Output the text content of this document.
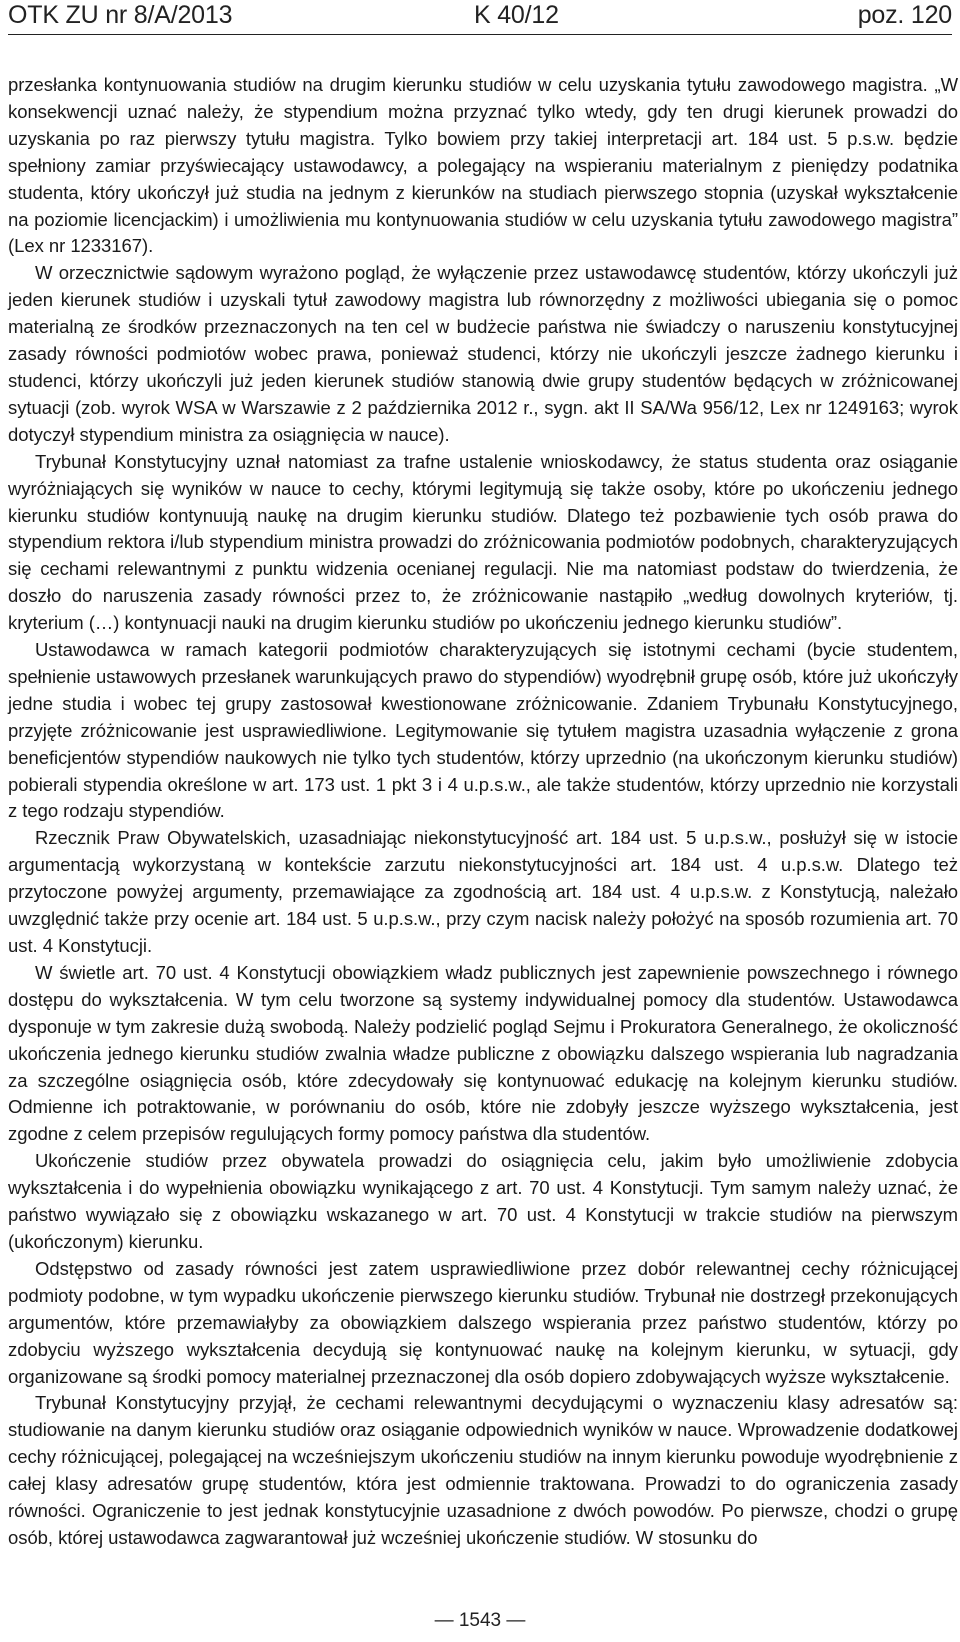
OTK ZU nr 8/A/2013	K 40/12	poz. 120

przesłanka kontynuowania studiów na drugim kierunku studiów w celu uzyskania tytułu zawodowego magistra. „W konsekwencji uznać należy, że stypendium można przyznać tylko wtedy, gdy ten drugi kierunek prowadzi do uzyskania po raz pierwszy tytułu magistra. Tylko bowiem przy takiej interpretacji art. 184 ust. 5 p.s.w. będzie spełniony zamiar przyświecający ustawodawcy, a polegający na wspieraniu materialnym z pieniędzy podatnika studenta, który ukończył już studia na jednym z kierunków na studiach pierwszego stopnia (uzyskał wykształcenie na poziomie licencjackim) i umożliwienia mu kontynuowania studiów w celu uzyskania tytułu zawodowego magistra” (Lex nr 1233167).

W orzecznictwie sądowym wyrażono pogląd, że wyłączenie przez ustawodawcę studentów, którzy ukończyli już jeden kierunek studiów i uzyskali tytuł zawodowy magistra lub równorzędny z możliwości ubiegania się o pomoc materialną ze środków przeznaczonych na ten cel w budżecie państwa nie świadczy o naruszeniu konstytucyjnej zasady równości podmiotów wobec prawa, ponieważ studenci, którzy nie ukończyli jeszcze żadnego kierunku i studenci, którzy ukończyli już jeden kierunek studiów stanowią dwie grupy studentów będących w zróżnicowanej sytuacji (zob. wyrok WSA w Warszawie z 2 października 2012 r., sygn. akt II SA/Wa 956/12, Lex nr 1249163; wyrok dotyczył stypendium ministra za osiągnięcia w nauce).

Trybunał Konstytucyjny uznał natomiast za trafne ustalenie wnioskodawcy, że status studenta oraz osiąganie wyróżniających się wyników w nauce to cechy, którymi legitymują się także osoby, które po ukończeniu jednego kierunku studiów kontynuują naukę na drugim kierunku studiów. Dlatego też pozbawienie tych osób prawa do stypendium rektora i/lub stypendium ministra prowadzi do zróżnicowania podmiotów podobnych, charakteryzujących się cechami relewantnymi z punktu widzenia ocenianej regulacji. Nie ma natomiast podstaw do twierdzenia, że doszło do naruszenia zasady równości przez to, że zróżnicowanie nastąpiło „według dowolnych kryteriów, tj. kryterium (…) kontynuacji nauki na drugim kierunku studiów po ukończeniu jednego kierunku studiów”.

Ustawodawca w ramach kategorii podmiotów charakteryzujących się istotnymi cechami (bycie studentem, spełnienie ustawowych przesłanek warunkujących prawo do stypendiów) wyodrębnił grupę osób, które już ukończyły jedne studia i wobec tej grupy zastosował kwestionowane zróżnicowanie. Zdaniem Trybunału Konstytucyjnego, przyjęte zróżnicowanie jest usprawiedliwione. Legitymowanie się tytułem magistra uzasadnia wyłączenie z grona beneficjentów stypendiów naukowych nie tylko tych studentów, którzy uprzednio (na ukończonym kierunku studiów) pobierali stypendia określone w art. 173 ust. 1 pkt 3 i 4 u.p.s.w., ale także studentów, którzy uprzednio nie korzystali z tego rodzaju stypendiów.

Rzecznik Praw Obywatelskich, uzasadniając niekonstytucyjność art. 184 ust. 5 u.p.s.w., posłużył się w istocie argumentacją wykorzystaną w kontekście zarzutu niekonstytucyjności art. 184 ust. 4 u.p.s.w. Dlatego też przytoczone powyżej argumenty, przemawiające za zgodnością art. 184 ust. 4 u.p.s.w. z Konstytucją, należało uwzględnić także przy ocenie art. 184 ust. 5 u.p.s.w., przy czym nacisk należy położyć na sposób rozumienia art. 70 ust. 4 Konstytucji.

W świetle art. 70 ust. 4 Konstytucji obowiązkiem władz publicznych jest zapewnienie powszechnego i równego dostępu do wykształcenia. W tym celu tworzone są systemy indywidualnej pomocy dla studentów. Ustawodawca dysponuje w tym zakresie dużą swobodą. Należy podzielić pogląd Sejmu i Prokuratora Generalnego, że okoliczność ukończenia jednego kierunku studiów zwalnia władze publiczne z obowiązku dalszego wspierania lub nagradzania za szczególne osiągnięcia osób, które zdecydowały się kontynuować edukację na kolejnym kierunku studiów. Odmienne ich potraktowanie, w porównaniu do osób, które nie zdobyły jeszcze wyższego wykształcenia, jest zgodne z celem przepisów regulujących formy pomocy państwa dla studentów.

Ukończenie studiów przez obywatela prowadzi do osiągnięcia celu, jakim było umożliwienie zdobycia wykształcenia i do wypełnienia obowiązku wynikającego z art. 70 ust. 4 Konstytucji. Tym samym należy uznać, że państwo wywiązało się z obowiązku wskazanego w art. 70 ust. 4 Konstytucji w trakcie studiów na pierwszym (ukończonym) kierunku.

Odstępstwo od zasady równości jest zatem usprawiedliwione przez dobór relewantnej cechy różnicującej podmioty podobne, w tym wypadku ukończenie pierwszego kierunku studiów. Trybunał nie dostrzegł przekonujących argumentów, które przemawiałyby za obowiązkiem dalszego wspierania przez państwo studentów, którzy po zdobyciu wyższego wykształcenia decydują się kontynuować naukę na kolejnym kierunku, w sytuacji, gdy organizowane są środki pomocy materialnej przeznaczonej dla osób dopiero zdobywających wyższe wykształcenie.

Trybunał Konstytucyjny przyjął, że cechami relewantnymi decydującymi o wyznaczeniu klasy adresatów są: studiowanie na danym kierunku studiów oraz osiąganie odpowiednich wyników w nauce. Wprowadzenie dodatkowej cechy różnicującej, polegającej na wcześniejszym ukończeniu studiów na innym kierunku powoduje wyodrębnienie z całej klasy adresatów grupę studentów, która jest odmiennie traktowana. Prowadzi to do ograniczenia zasady równości. Ograniczenie to jest jednak konstytucyjnie uzasadnione z dwóch powodów. Po pierwsze, chodzi o grupę osób, której ustawodawca zagwarantował już wcześniej ukończenie studiów. W stosunku do

— 1543 —
